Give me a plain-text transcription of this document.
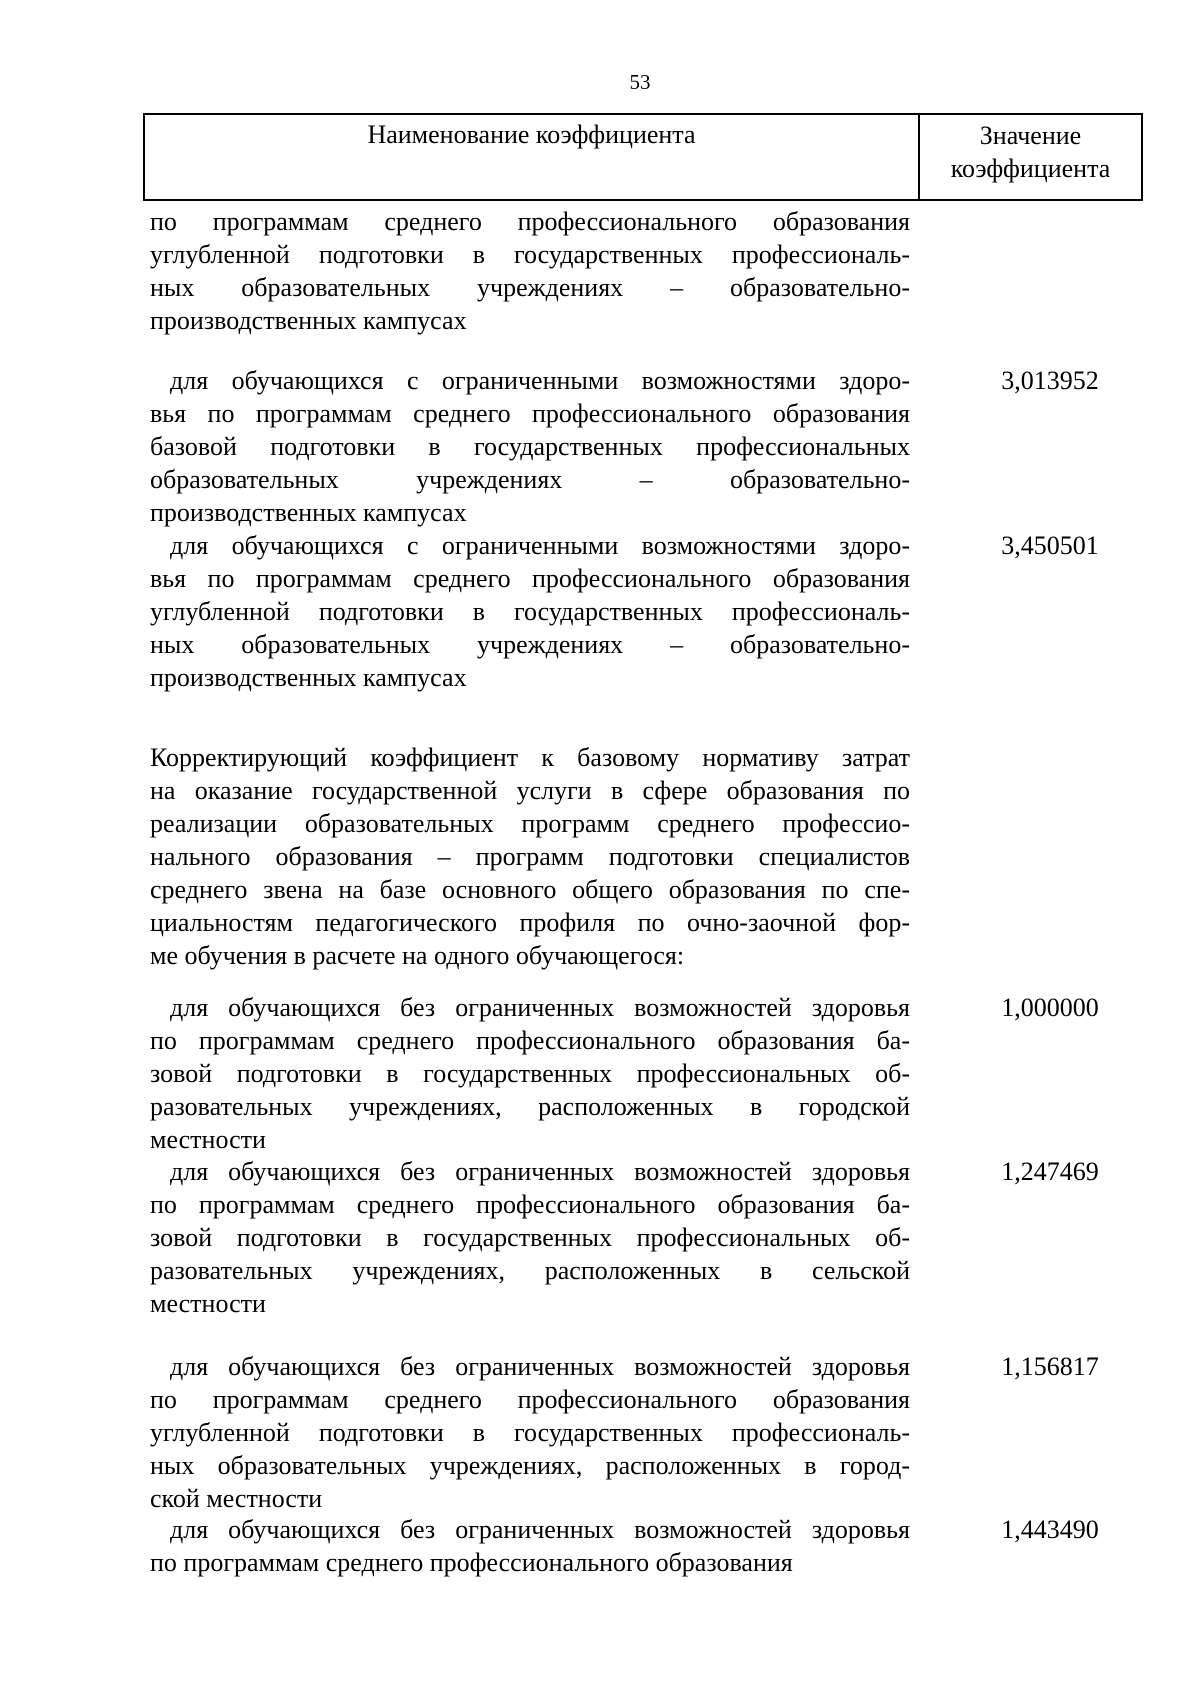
53
Наименование коэффициента	Значение
коэффициента
по программам среднего профессионального образования
углубленной подготовки в государственных профессиональ-
ных образовательных учреждениях – образовательно-
производственных кампусах
для обучающихся с ограниченными возможностями здоро-
вья по программам среднего профессионального образования
базовой подготовки в государственных профессиональных
образовательных учреждениях – образовательно-
производственных кампусах
3,013952
для обучающихся с ограниченными возможностями здоро-
вья по программам среднего профессионального образования
углубленной подготовки в государственных профессиональ-
ных образовательных учреждениях – образовательно-
производственных кампусах
3,450501
Корректирующий коэффициент к базовому нормативу затрат
на оказание государственной услуги в сфере образования по
реализации образовательных программ среднего профессио-
нального образования – программ подготовки специалистов
среднего звена на базе основного общего образования по спе-
циальностям педагогического профиля по очно-заочной фор-
ме обучения в расчете на одного обучающегося:
для обучающихся без ограниченных возможностей здоровья
по программам среднего профессионального образования ба-
зовой подготовки в государственных профессиональных об-
разовательных учреждениях, расположенных в городской
местности
1,000000
для обучающихся без ограниченных возможностей здоровья
по программам среднего профессионального образования ба-
зовой подготовки в государственных профессиональных об-
разовательных учреждениях, расположенных в сельской
местности
1,247469
для обучающихся без ограниченных возможностей здоровья
по программам среднего профессионального образования
углубленной подготовки в государственных профессиональ-
ных образовательных учреждениях, расположенных в город-
ской местности
1,156817
для обучающихся без ограниченных возможностей здоровья
по программам среднего профессионального образования
1,443490
